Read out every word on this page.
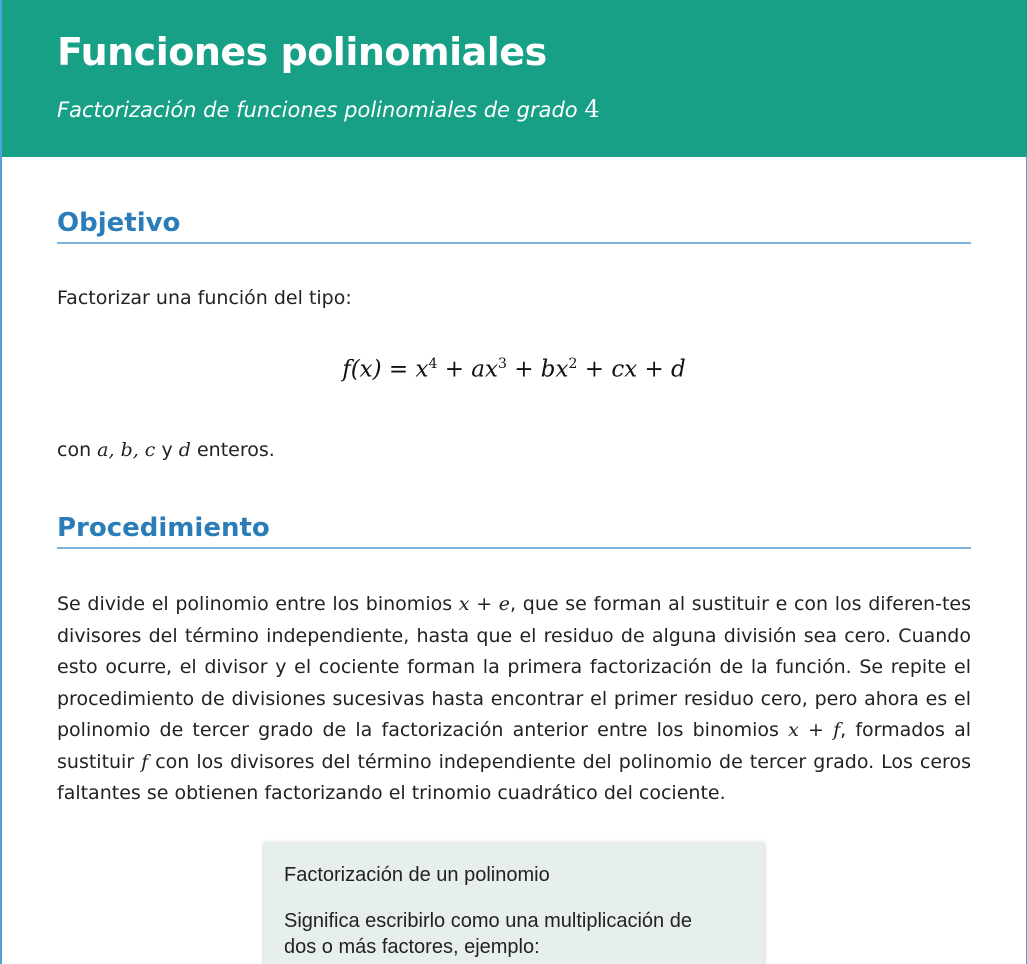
Funciones polinomiales

Factorización de funciones polinomiales de grado 4

Objetivo

Factorizar una función del tipo:

$f(x) = x^4 + ax^3 + bx^2$ + cx + d

con a, b, c y d enteros.

Procedimiento

Se divide el polinomio entre los binomios x + e, que se forman al sustituir e con los diferen-tes divisores del término independiente, hasta que el residuo de alguna división sea cero. Cuando esto ocurre, el divisor y el cociente forman la primera factorización de la función. Se repite el procedimiento de divisiones sucesivas hasta encontrar el primer residuo cero, pero ahora es el polinomio de tercer grado de la factorización anterior entre los binomios x + f, formados al sustituir f con los divisores del término independiente del polinomio de tercer grado. Los ceros faltantes se obtienen factorizando el trinomio cuadrático del cociente.

Factorización de un polinomio

Significa escribirlo como una multiplicación de dos o más factores, ejemplo:
